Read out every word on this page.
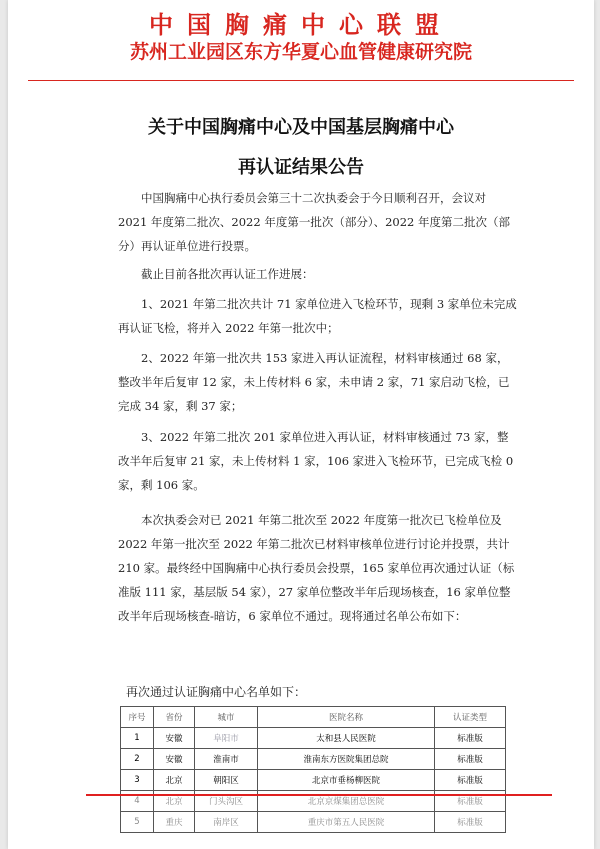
中国胸痛中心联盟
苏州工业园区东方华夏心血管健康研究院
关于中国胸痛中心及中国基层胸痛中心
再认证结果公告

中国胸痛中心执行委员会第三十二次执委会于今日顺利召开，会议对 2021 年度第二批次、2022 年度第一批次（部分）、2022 年度第二批次（部分）再认证单位进行投票。

截止目前各批次再认证工作进展：

1、2021 年第二批次共计 71 家单位进入飞检环节，现剩 3 家单位未完成再认证飞检，将并入 2022 年第一批次中；

2、2022 年第一批次共 153 家进入再认证流程，材料审核通过 68 家，整改半年后复审 12 家，未上传材料 6 家，未申请 2 家，71 家启动飞检，已完成 34 家，剩 37 家；

3、2022 年第二批次 201 家单位进入再认证，材料审核通过 73 家，整改半年后复审 21 家，未上传材料 1 家，106 家进入飞检环节，已完成飞检 0 家，剩 106 家。

本次执委会对已 2021 年第二批次至 2022 年度第一批次已飞检单位及 2022 年第一批次至 2022 年第二批次已材料审核单位进行讨论并投票，共计 210 家。最终经中国胸痛中心执行委员会投票，165 家单位再次通过认证（标准版 111 家，基层版 54 家），27 家单位整改半年后现场核查，16 家单位整改半年后现场核查-暗访，6 家单位不通过。现将通过名单公布如下：

再次通过认证胸痛中心名单如下：
序号	省份	城市	医院名称	认证类型
1	安徽	阜阳市	太和县人民医院	标准版
2	安徽	淮南市	淮南东方医院集团总院	标准版
3	北京	朝阳区	北京市垂杨柳医院	标准版
4	北京	门头沟区	北京京煤集团总医院	标准版
5	重庆	南岸区	重庆市第五人民医院	标准版
